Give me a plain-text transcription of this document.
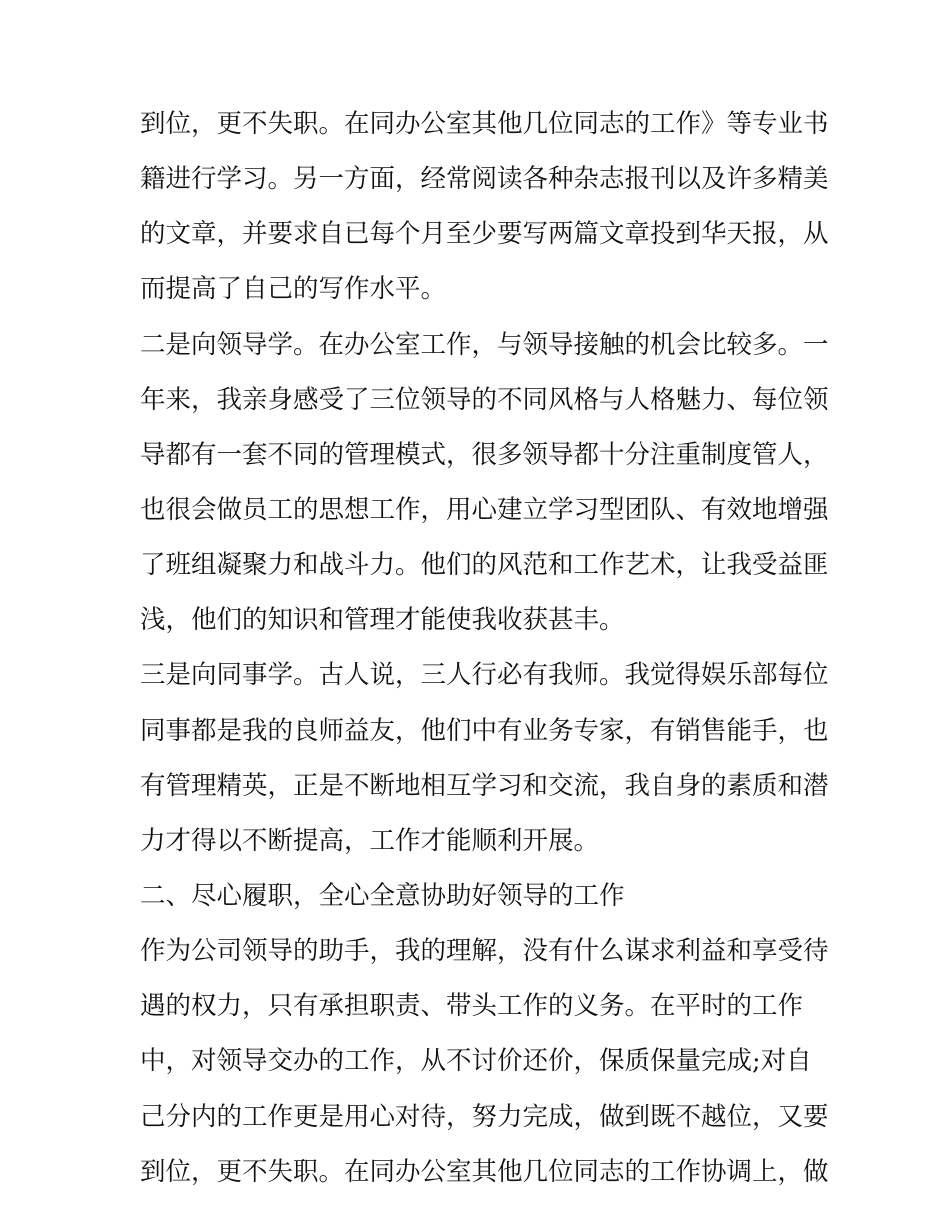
到位，更不失职。在同办公室其他几位同志的工作》等专业书

籍进行学习。另一方面，经常阅读各种杂志报刊以及许多精美

的文章，并要求自已每个月至少要写两篇文章投到华天报，从

而提高了自己的写作水平。

二是向领导学。在办公室工作，与领导接触的机会比较多。一

年来，我亲身感受了三位领导的不同风格与人格魅力、每位领

导都有一套不同的管理模式，很多领导都十分注重制度管人，

也很会做员工的思想工作，用心建立学习型团队、有效地增强

了班组凝聚力和战斗力。他们的风范和工作艺术，让我受益匪

浅，他们的知识和管理才能使我收获甚丰。

三是向同事学。古人说，三人行必有我师。我觉得娱乐部每位

同事都是我的良师益友，他们中有业务专家，有销售能手，也

有管理精英，正是不断地相互学习和交流，我自身的素质和潜

力才得以不断提高，工作才能顺利开展。

二、尽心履职，全心全意协助好领导的工作

作为公司领导的助手，我的理解，没有什么谋求利益和享受待

遇的权力，只有承担职责、带头工作的义务。在平时的工作

中，对领导交办的工作，从不讨价还价，保质保量完成;对自

己分内的工作更是用心对待，努力完成，做到既不越位，又要

到位，更不失职。在同办公室其他几位同志的工作协调上，做
